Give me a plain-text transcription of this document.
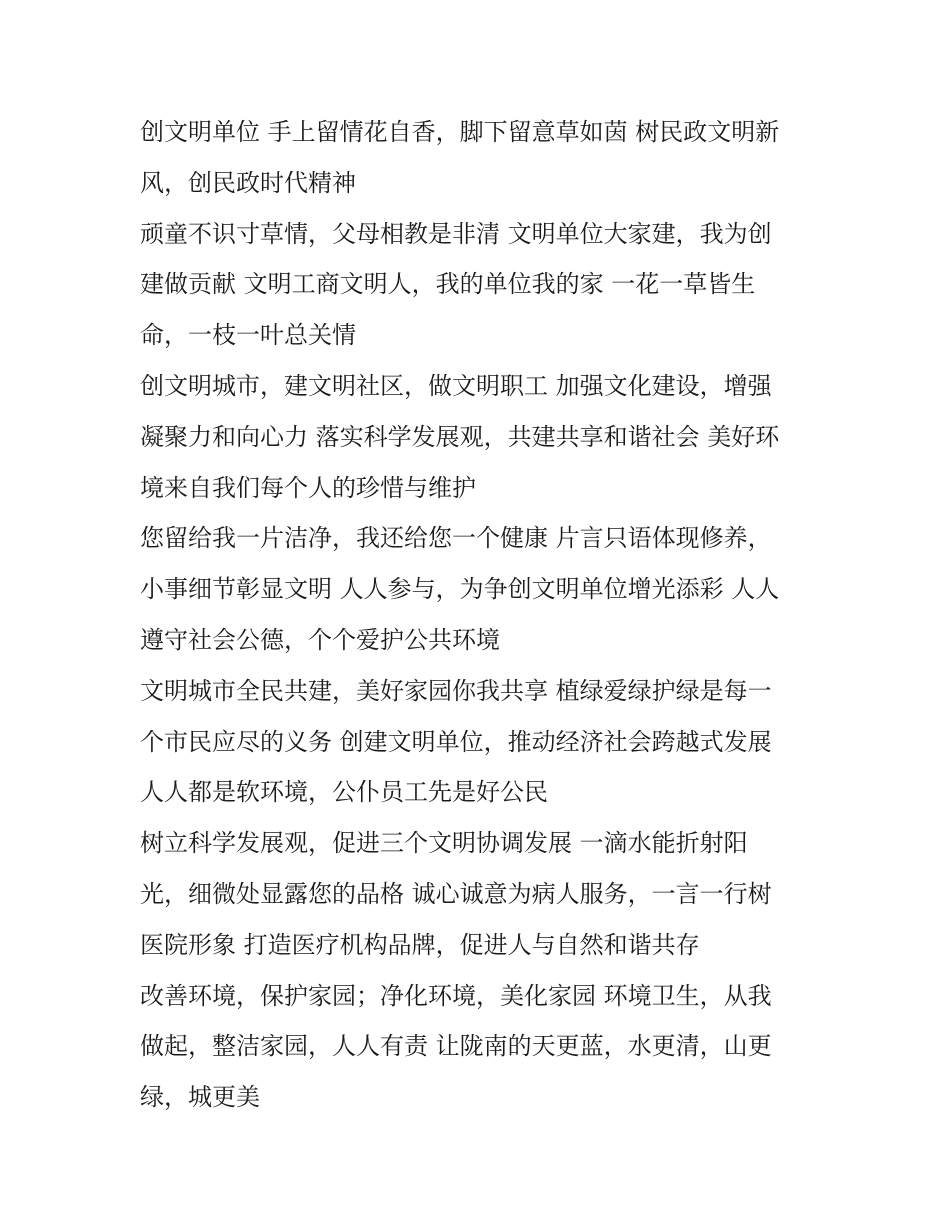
创文明单位 手上留情花自香，脚下留意草如茵 树民政文明新
风，创民政时代精神
顽童不识寸草情，父母相教是非清 文明单位大家建，我为创
建做贡献 文明工商文明人，我的单位我的家 一花一草皆生
命，一枝一叶总关情
创文明城市，建文明社区，做文明职工 加强文化建设，增强
凝聚力和向心力 落实科学发展观，共建共享和谐社会 美好环
境来自我们每个人的珍惜与维护
您留给我一片洁净，我还给您一个健康 片言只语体现修养，
小事细节彰显文明 人人参与，为争创文明单位增光添彩 人人
遵守社会公德，个个爱护公共环境
文明城市全民共建，美好家园你我共享 植绿爱绿护绿是每一
个市民应尽的义务 创建文明单位，推动经济社会跨越式发展
人人都是软环境，公仆员工先是好公民
树立科学发展观，促进三个文明协调发展 一滴水能折射阳
光，细微处显露您的品格 诚心诚意为病人服务，一言一行树
医院形象 打造医疗机构品牌，促进人与自然和谐共存
改善环境，保护家园；净化环境，美化家园 环境卫生，从我
做起，整洁家园，人人有责 让陇南的天更蓝，水更清，山更
绿，城更美
